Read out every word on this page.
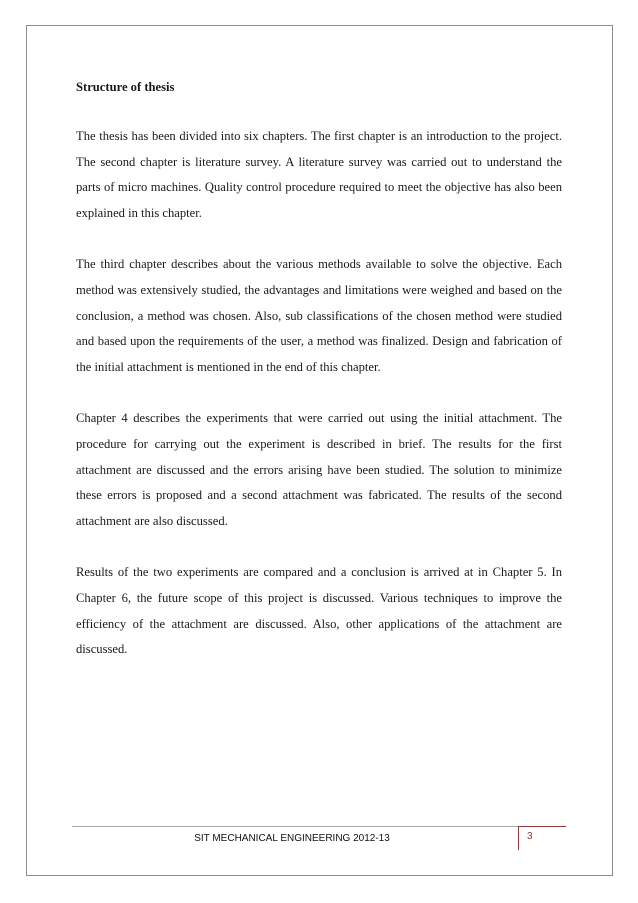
Structure of thesis

The thesis has been divided into six chapters. The first chapter is an introduction to the project. The second chapter is literature survey. A literature survey was carried out to understand the parts of micro machines. Quality control procedure required to meet the objective has also been explained in this chapter.

The third chapter describes about the various methods available to solve the objective. Each method was extensively studied, the advantages and limitations were weighed and based on the conclusion, a method was chosen. Also, sub classifications of the chosen method were studied and based upon the requirements of the user, a method was finalized. Design and fabrication of the initial attachment is mentioned in the end of this chapter.

Chapter 4 describes the experiments that were carried out using the initial attachment. The procedure for carrying out the experiment is described in brief. The results for the first attachment are discussed and the errors arising have been studied. The solution to minimize these errors is proposed and a second attachment was fabricated. The results of the second attachment are also discussed.

Results of the two experiments are compared and a conclusion is arrived at in Chapter 5. In Chapter 6, the future scope of this project is discussed. Various techniques to improve the efficiency of the attachment are discussed. Also, other applications of the attachment are discussed.

SIT MECHANICAL ENGINEERING 2012-13	3
